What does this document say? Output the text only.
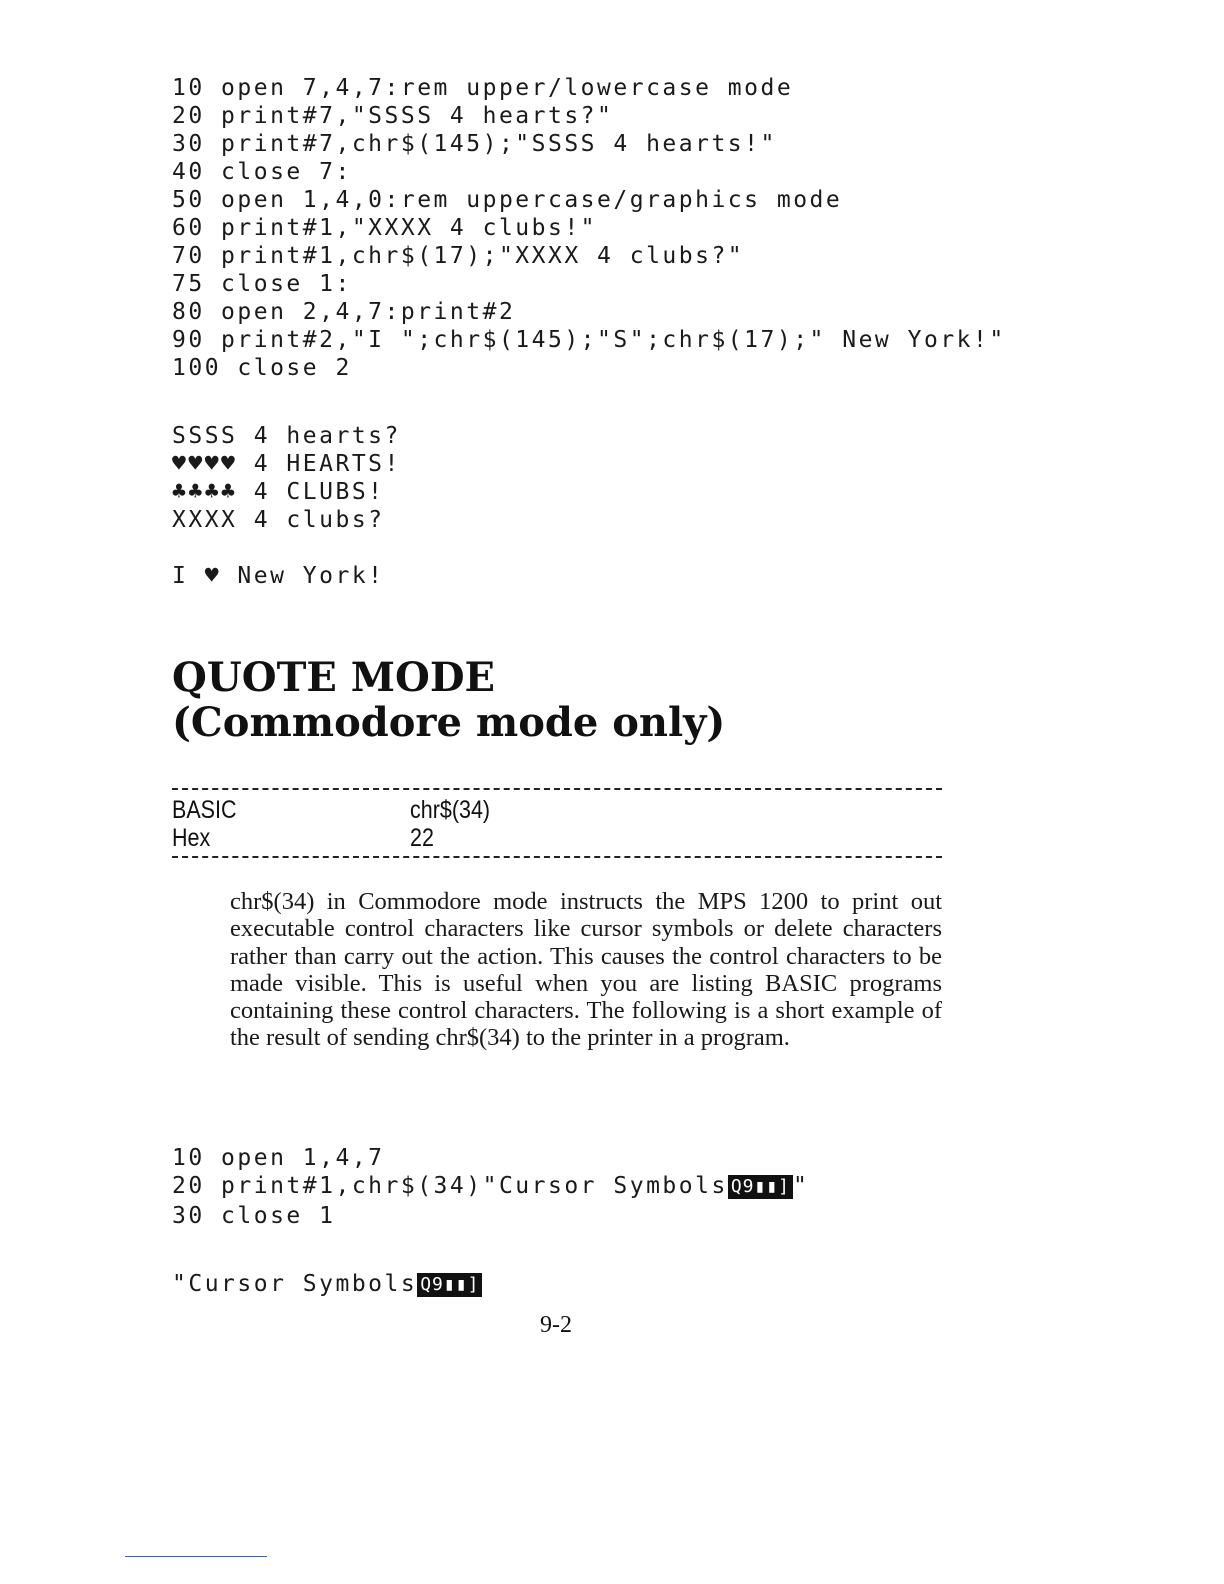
10 open 7,4,7:rem upper/lowercase mode
20 print#7,"SSSS 4 hearts?"
30 print#7,chr$(145);"SSSS 4 hearts!"
40 close 7:
50 open 1,4,0:rem uppercase/graphics mode
60 print#1,"XXXX 4 clubs!"
70 print#1,chr$(17);"XXXX 4 clubs?"
75 close 1:
80 open 2,4,7:print#2
90 print#2,"I ";chr$(145);"S";chr$(17);" New York!"
100 close 2
SSSS 4 hearts?
♥♥♥♥ 4 HEARTS!
♣♣♣♣ 4 CLUBS!
XXXX 4 clubs?
I ♥ New York!
QUOTE MODE
(Commodore mode only)
BASIC	chr$(34)
Hex	22
chr$(34) in Commodore mode instructs the MPS 1200 to print out executable control characters like cursor symbols or delete characters rather than carry out the action. This causes the control characters to be made visible. This is useful when you are listing BASIC programs containing these control characters. The following is a short example of the result of sending chr$(34) to the printer in a program.
10 open 1,4,7
20 print#1,chr$(34)"Cursor Symbols Q9▮▮] "
30 close 1
"Cursor Symbols Q9▮▮]
9-2
